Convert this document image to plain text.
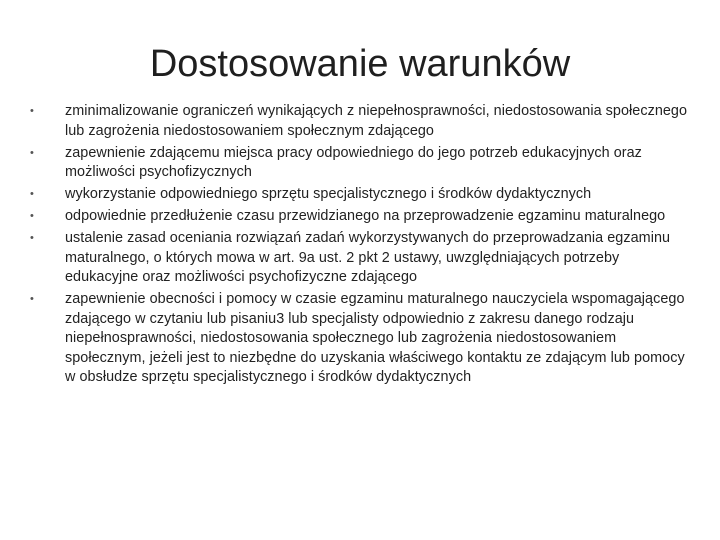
Dostosowanie warunków
•	zminimalizowanie ograniczeń wynikających z niepełnosprawności, niedostosowania społecznego lub zagrożenia niedostosowaniem społecznym zdającego
•	zapewnienie zdającemu miejsca pracy odpowiedniego do jego potrzeb edukacyjnych oraz możliwości psychofizycznych
•	wykorzystanie odpowiedniego sprzętu specjalistycznego i środków dydaktycznych
•	odpowiednie przedłużenie czasu przewidzianego na przeprowadzenie egzaminu maturalnego
•	ustalenie zasad oceniania rozwiązań zadań wykorzystywanych do przeprowadzania egzaminu maturalnego, o których mowa w art. 9a ust. 2 pkt 2 ustawy, uwzględniających potrzeby edukacyjne oraz możliwości psychofizyczne zdającego
•	zapewnienie obecności i pomocy w czasie egzaminu maturalnego nauczyciela wspomagającego zdającego w czytaniu lub pisaniu3 lub specjalisty odpowiednio z zakresu danego rodzaju niepełnosprawności, niedostosowania społecznego lub zagrożenia niedostosowaniem społecznym, jeżeli jest to niezbędne do uzyskania właściwego kontaktu ze zdającym lub pomocy w obsłudze sprzętu specjalistycznego i środków dydaktycznych
